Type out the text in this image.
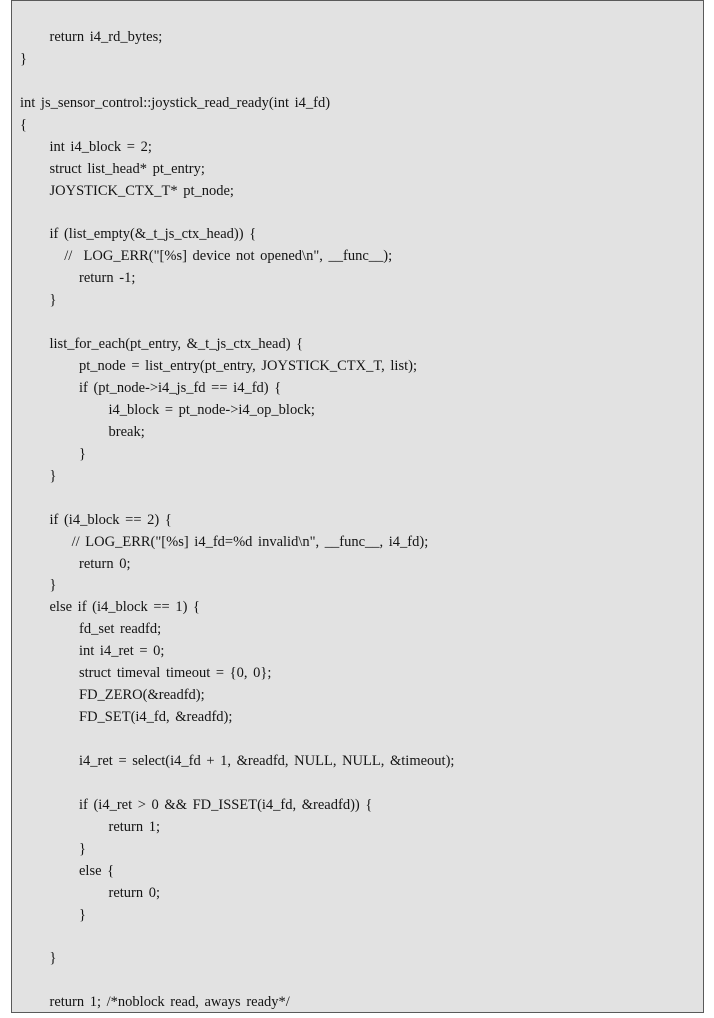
return i4_rd_bytes;
}
int js_sensor_control::joystick_read_ready(int i4_fd)
{
int i4_block = 2;
struct list_head* pt_entry;
JOYSTICK_CTX_T* pt_node;
if (list_empty(&_t_js_ctx_head)) {
//  LOG_ERR("[%s] device not opened\n", __func__);
return -1;
}
list_for_each(pt_entry, &_t_js_ctx_head) {
pt_node = list_entry(pt_entry, JOYSTICK_CTX_T, list);
if (pt_node->i4_js_fd == i4_fd) {
i4_block = pt_node->i4_op_block;
break;
}
}
if (i4_block == 2) {
// LOG_ERR("[%s] i4_fd=%d invalid\n", __func__, i4_fd);
return 0;
}
else if (i4_block == 1) {
fd_set readfd;
int i4_ret = 0;
struct timeval timeout = {0, 0};
FD_ZERO(&readfd);
FD_SET(i4_fd, &readfd);
i4_ret = select(i4_fd + 1, &readfd, NULL, NULL, &timeout);
if (i4_ret > 0 && FD_ISSET(i4_fd, &readfd)) {
return 1;
}
else {
return 0;
}
}
return 1; /*noblock read, aways ready*/
